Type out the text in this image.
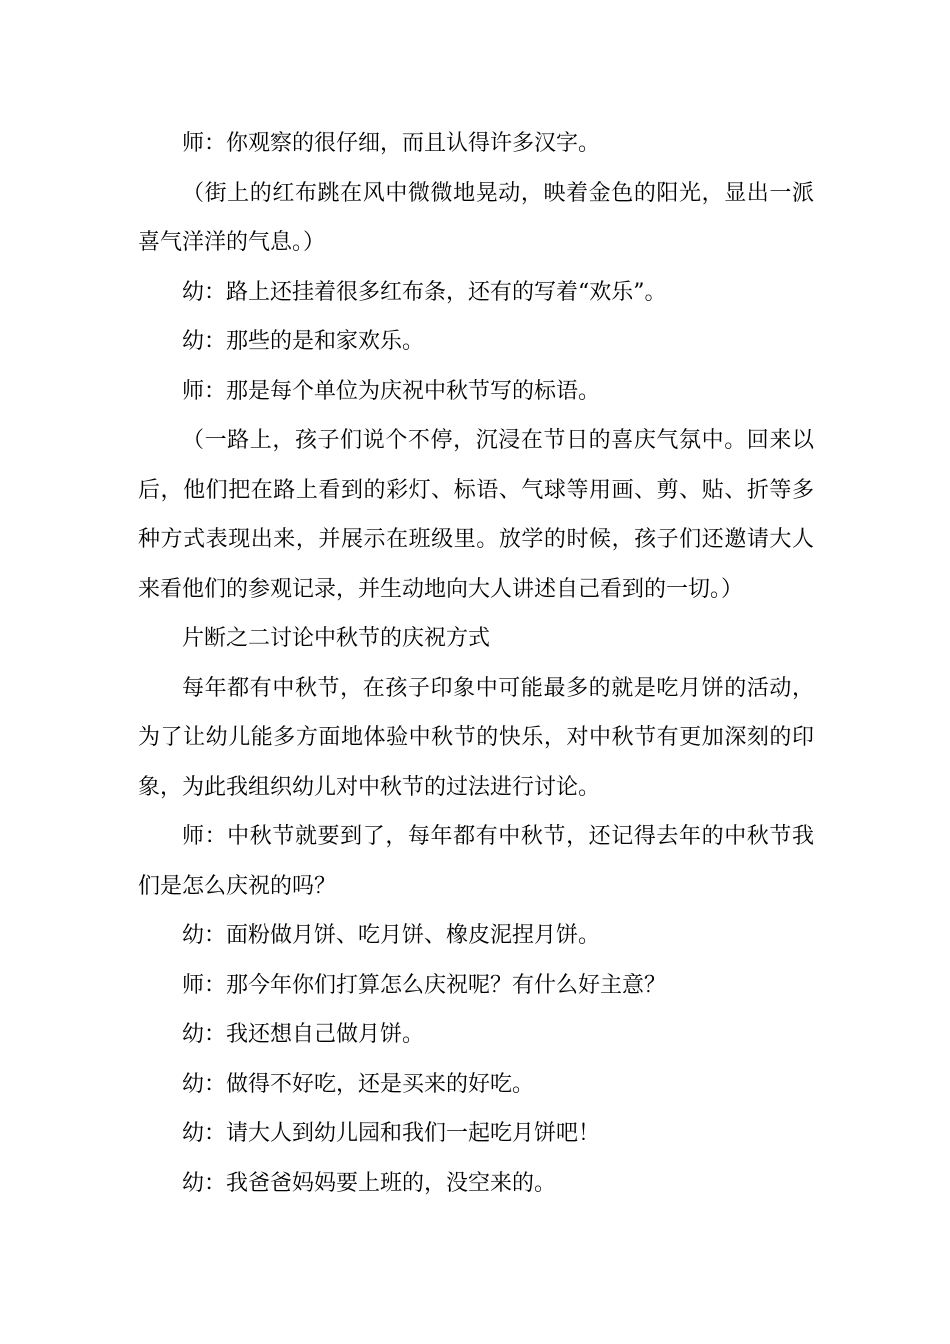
师：你观察的很仔细，而且认得许多汉字。

（街上的红布跳在风中微微地晃动，映着金色的阳光，显出一派喜气洋洋的气息。）

幼：路上还挂着很多红布条，还有的写着“欢乐”。

幼：那些的是和家欢乐。

师：那是每个单位为庆祝中秋节写的标语。

（一路上，孩子们说个不停，沉浸在节日的喜庆气氛中。回来以后，他们把在路上看到的彩灯、标语、气球等用画、剪、贴、折等多种方式表现出来，并展示在班级里。放学的时候，孩子们还邀请大人来看他们的参观记录，并生动地向大人讲述自己看到的一切。）

片断之二讨论中秋节的庆祝方式

每年都有中秋节，在孩子印象中可能最多的就是吃月饼的活动，为了让幼儿能多方面地体验中秋节的快乐，对中秋节有更加深刻的印象，为此我组织幼儿对中秋节的过法进行讨论。

师：中秋节就要到了，每年都有中秋节，还记得去年的中秋节我们是怎么庆祝的吗？

幼：面粉做月饼、吃月饼、橡皮泥捏月饼。

师：那今年你们打算怎么庆祝呢？有什么好主意？

幼：我还想自己做月饼。

幼：做得不好吃，还是买来的好吃。

幼：请大人到幼儿园和我们一起吃月饼吧！

幼：我爸爸妈妈要上班的，没空来的。
